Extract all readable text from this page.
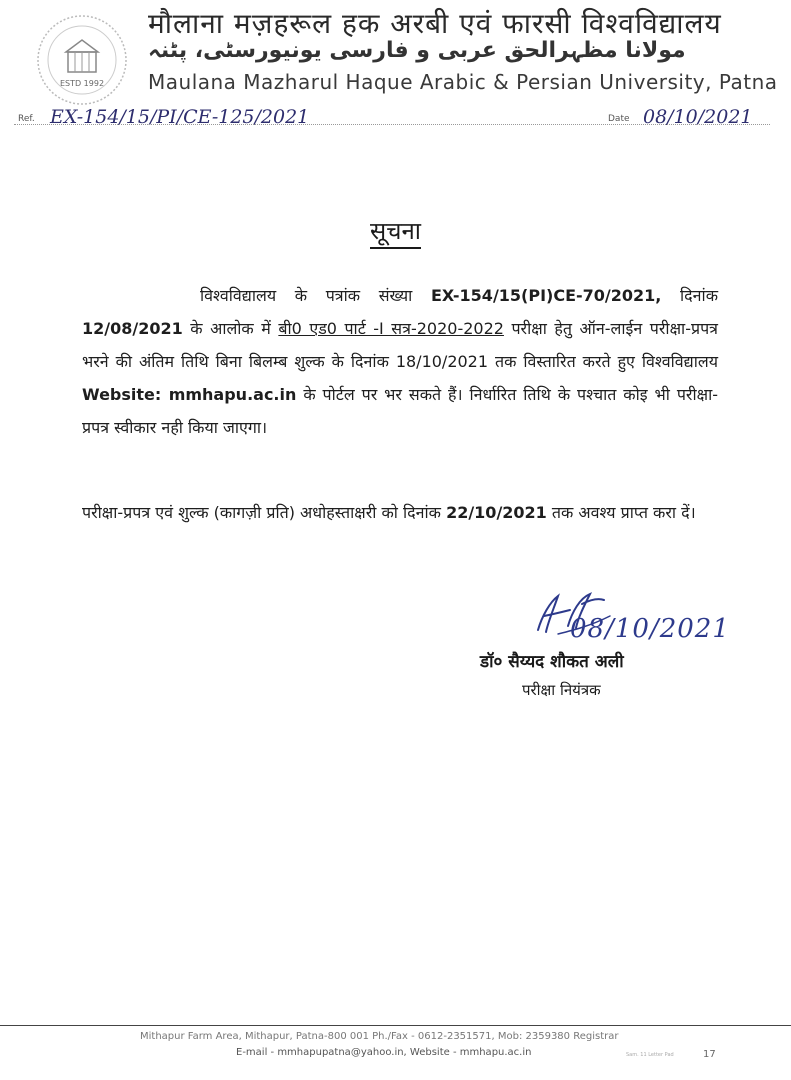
ESTD 1992
मौलाना मज़हरूल हक अरबी एवं फारसी विश्वविद्यालय
مولانا مظہرالحق عربی و فارسی یونیورسٹی، پٹنہ
Maulana Mazharul Haque Arabic & Persian University, Patna
Ref. EX-154/15/PI/CE-125/2021	Date 08/10/2021
सूचना
विश्वविद्यालय के पत्रांक संख्या EX-154/15(PI)CE-70/2021, दिनांक 12/08/2021 के आलोक में बी0 एड0 पार्ट -I सत्र-2020-2022 परीक्षा हेतु ऑन-लाईन परीक्षा-प्रपत्र भरने की अंतिम तिथि बिना बिलम्ब शुल्क के दिनांक 18/10/2021 तक विस्तारित करते हुए विश्वविद्यालय Website: mmhapu.ac.in के पोर्टल पर भर सकते हैं। निर्धारित तिथि के पश्चात कोइ भी परीक्षा-प्रपत्र स्वीकार नही किया जाएगा।
परीक्षा-प्रपत्र एवं शुल्क (कागज़ी प्रति) अधोहस्ताक्षरी को दिनांक 22/10/2021 तक अवश्य प्राप्त करा दें।
08/10/2021
डॉ० सैय्यद शौकत अली
परीक्षा नियंत्रक
Mithapur Farm Area, Mithapur, Patna-800 001 Ph./Fax - 0612-2351571, Mob: 2359380 Registrar
E-mail - mmhapupatna@yahoo.in, Website - mmhapu.ac.in	Sam. 11 Letter Pad	17
